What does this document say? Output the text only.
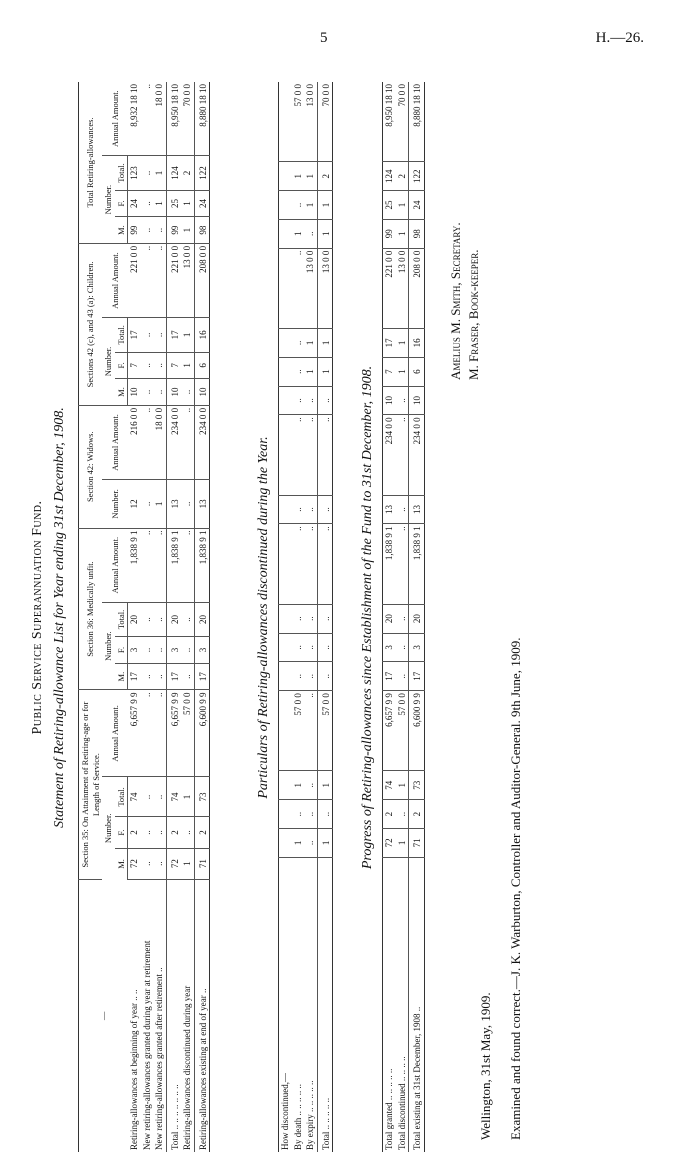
5	H.—26.
Public Service Superannuation Fund. Statement of Retiring-allowance List for Year ending 31st December, 1908.
—	Section 35: On Attainment of Retiring-age or for Length of Service.				Section 36: Medically unfit.				Section 42: Widows.		Sections 42 (c), and 43 (a): Children.				Total Retiring-allowances.			
	Number.			Annual Amount.	Number.			Annual Amount.	Number.	Annual Amount.	Number.			Annual Amount.	Number.			Annual Amount.
	M.	F.	Total.		M.	F.	Total.				M.	F.	Total.		M.	F.	Total.	
Retiring-allowances at beginning of year .. ..	72	2	74	6,657 9 9	17	3	20	1,838 9 1	12	216 0 0	10	7	17	221 0 0	99	24	123	8,932 18 10
New retiring-allowances granted during year at retirement	..	..	..	..	..	..	..	..	..	..	..	..	..	..	..	..	..	..
New retiring-allowances granted after retirement ..	..	..	..	..	..	..	..	..	1	18 0 0	..	..	..	..	..	1	1	18 0 0
Total .. .. .. .. .. .. ..	72	2	74	6,657 9 9	17	3	20	1,838 9 1	13	234 0 0	10	7	17	221 0 0	99	25	124	8,950 18 10
Retiring-allowances discontinued during year	1	..	1	57 0 0	..	..	..	..	..	..	..	1	1	13 0 0	1	1	2	70 0 0
Retiring-allowances existing at end of year ..	71	2	73	6,600 9 9	17	3	20	1,838 9 1	13	234 0 0	10	6	16	208 0 0	98	24	122	8,880 18 10
Particulars of Retiring-allowances discontinued during the Year.
How discontinued,—																		
By death .. .. .. .. ..	1	..	1	57 0 0	..	..	..	..	..	..	..	..	..	..	1	..	1	57 0 0
By expiry .. .. .. .. ..	..	..	..	..	..	..	..	..	..	..	..	1	1	13 0 0	..	1	1	13 0 0
Total .. .. .. .. ..	1	..	1	57 0 0	..	..	..	..	..	..	..	1	1	13 0 0	1	1	2	70 0 0
Progress of Retiring-allowances since Establishment of the Fund to 31st December, 1908.
Total granted .. .. .. .. ..	72	2	74	6,657 9 9	17	3	20	1,838 9 1	13	234 0 0	10	7	17	221 0 0	99	25	124	8,950 18 10
Total discontinued .. .. .. ..	1	..	1	57 0 0	..	..	..	..	..	..	..	1	1	13 0 0	1	1	2	70 0 0
Total existing at 31st December, 1908 ..	71	2	73	6,600 9 9	17	3	20	1,838 9 1	13	234 0 0	10	6	16	208 0 0	98	24	122	8,880 18 10
Wellington, 31st May, 1909. Examined and found correct.—J. K. Warburton, Controller and Auditor-General. 9th June, 1909.
Amelius M. Smith, Secretary. M. Fraser, Book-keeper.
